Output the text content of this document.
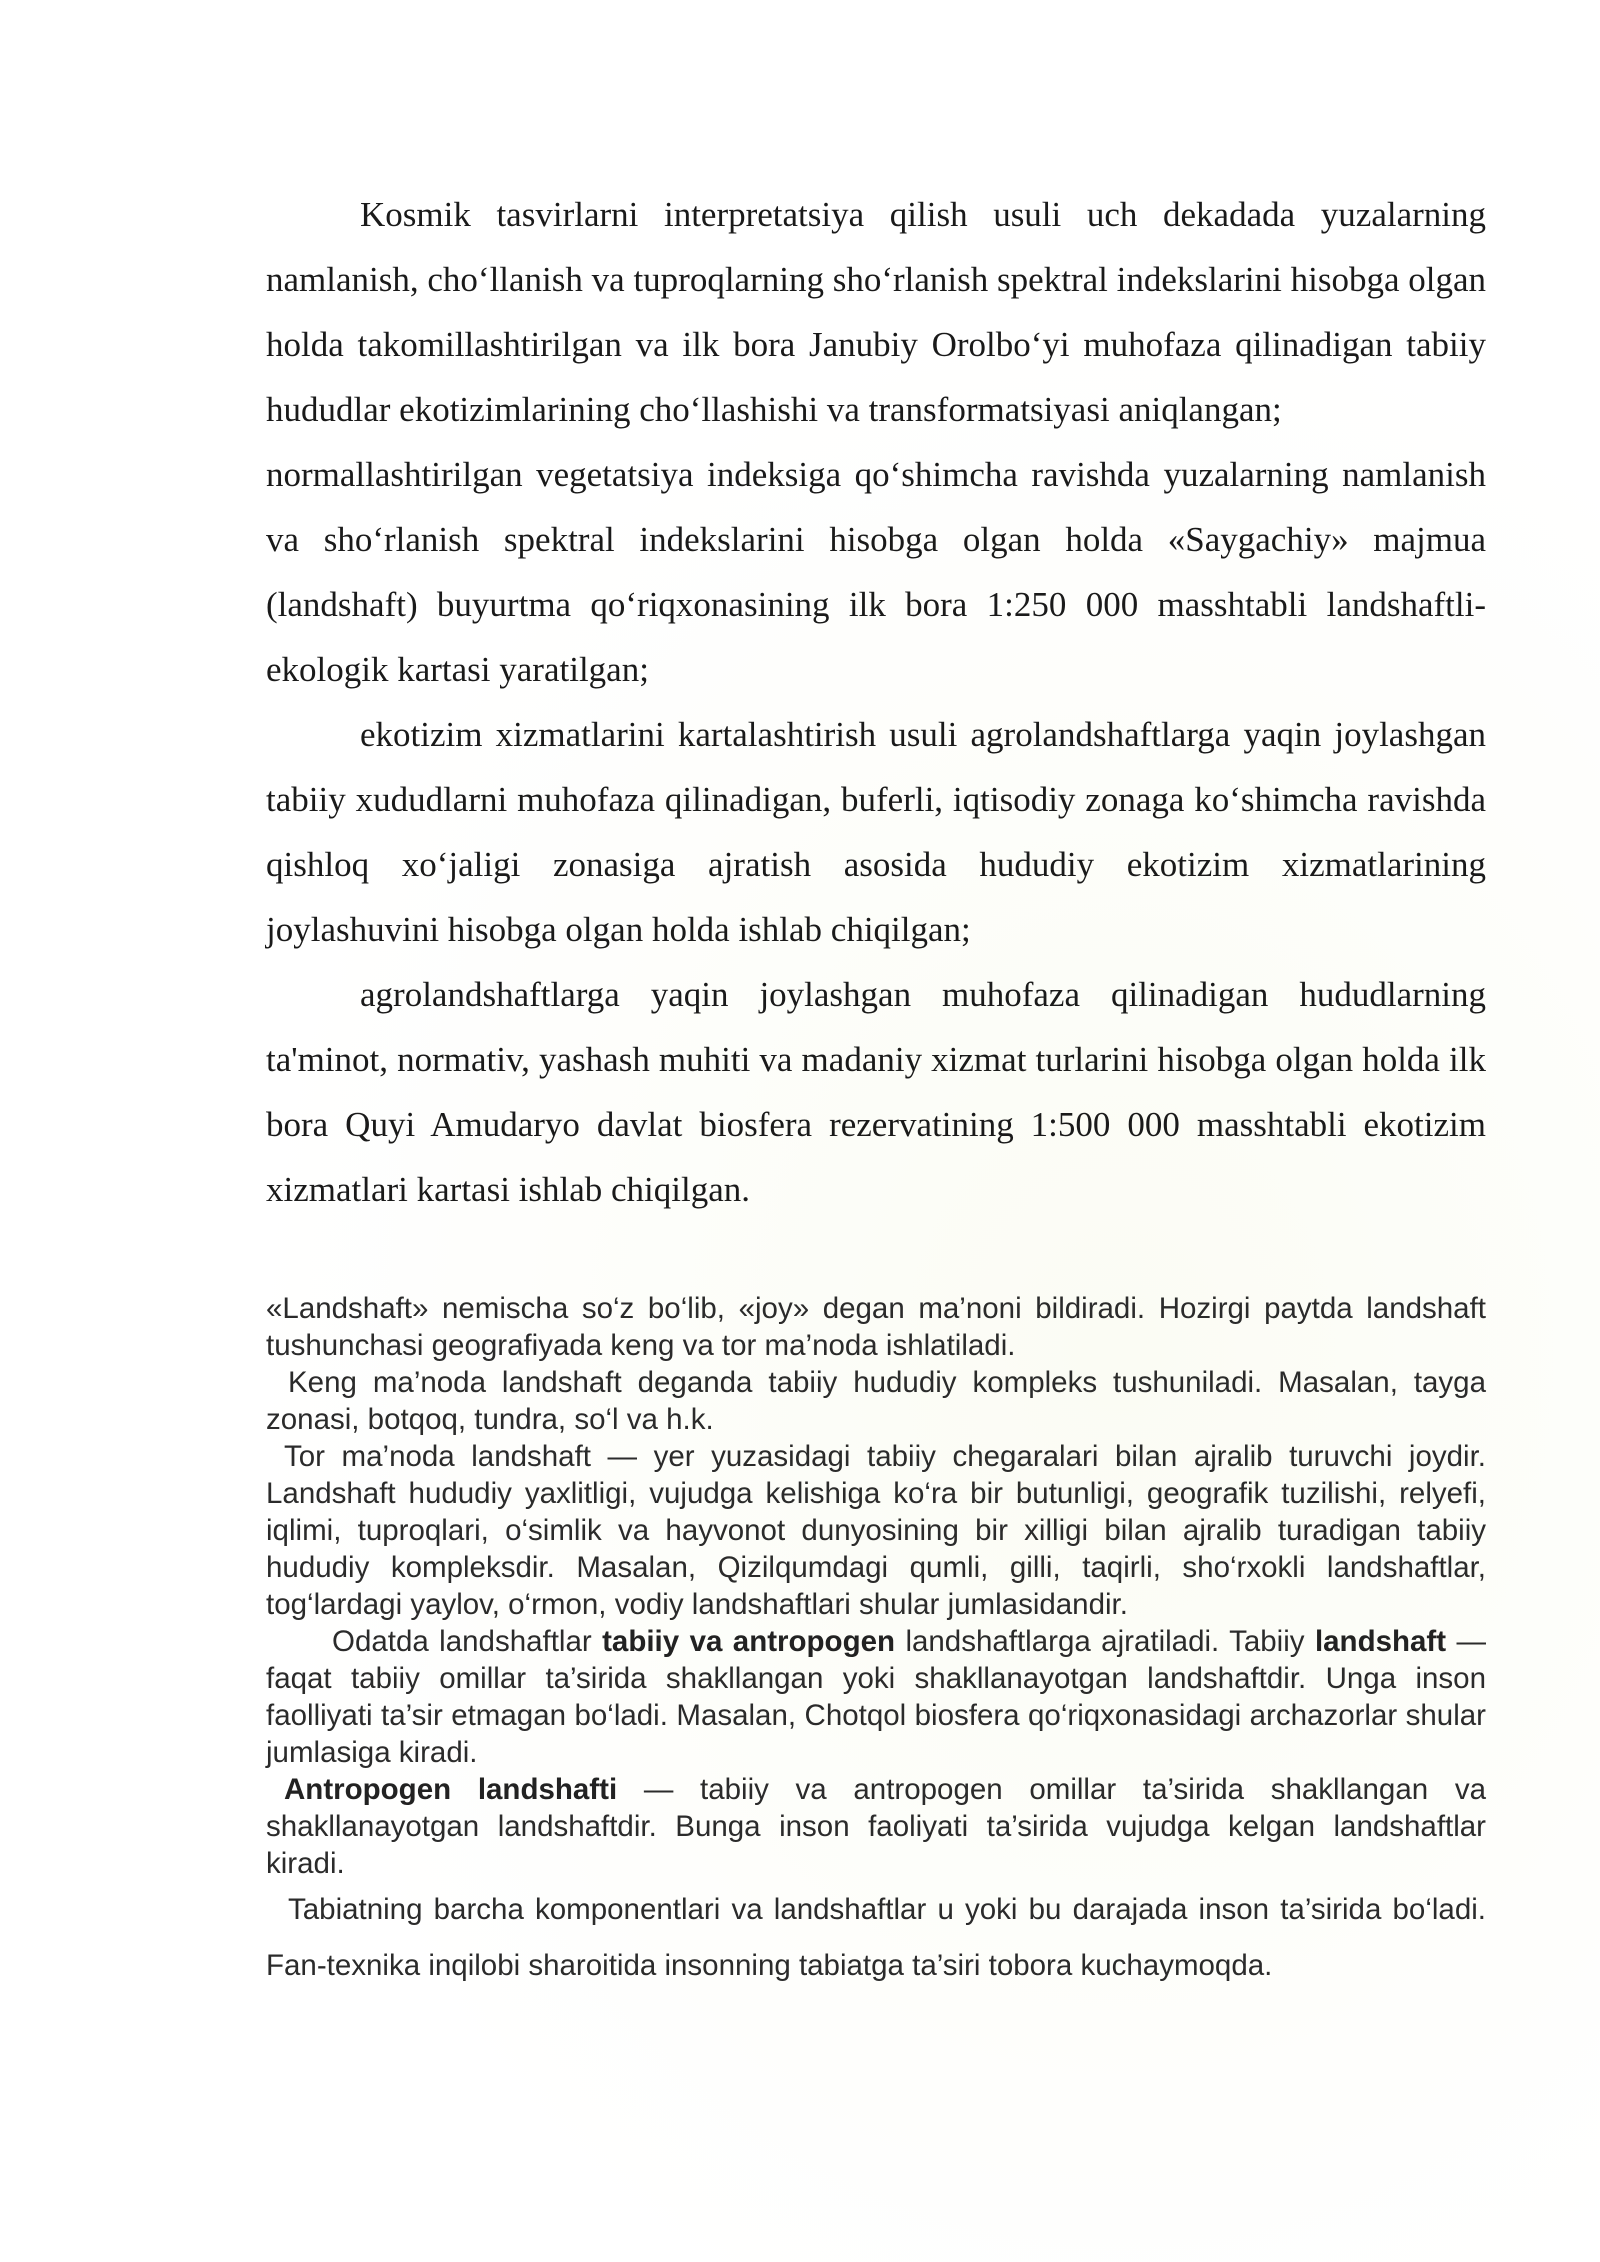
Kosmik tasvirlarni interpretatsiya qilish usuli uch dekadada yuzalarning namlanish, cho‘llanish va tuproqlarning sho‘rlanish spektral indekslarini hisobga olgan holda takomillashtirilgan va ilk bora Janubiy Orolbo‘yi muhofaza qilinadigan tabiiy hududlar ekotizimlarining cho‘llashishi va transformatsiyasi aniqlangan;

normallashtirilgan vegetatsiya indeksiga qo‘shimcha ravishda yuzalarning namlanish va sho‘rlanish spektral indekslarini hisobga olgan holda «Saygachiy» majmua (landshaft) buyurtma qo‘riqxonasining ilk bora 1:250 000 masshtabli landshaftli-ekologik kartasi yaratilgan;

ekotizim xizmatlarini kartalashtirish usuli agrolandshaftlarga yaqin joylashgan tabiiy xududlarni muhofaza qilinadigan, buferli, iqtisodiy zonaga ko‘shimcha ravishda qishloq xo‘jaligi zonasiga ajratish asosida hududiy ekotizim xizmatlarining joylashuvini hisobga olgan holda ishlab chiqilgan;

agrolandshaftlarga yaqin joylashgan muhofaza qilinadigan hududlarning ta'minot, normativ, yashash muhiti va madaniy xizmat turlarini hisobga olgan holda ilk bora Quyi Amudaryo davlat biosfera rezervatining 1:500 000 masshtabli ekotizim xizmatlari kartasi ishlab chiqilgan.

«Landshaft» nemischa so‘z bo‘lib, «joy» degan ma’noni bildiradi. Hozirgi paytda landshaft tushunchasi geografiyada keng va tor ma’noda ishlatiladi.

Keng ma’noda landshaft deganda tabiiy hududiy kompleks tushuniladi. Masalan, tayga zonasi, botqoq, tundra, so‘l va h.k.

Tor ma’noda landshaft — yer yuzasidagi tabiiy chegaralari bilan ajralib turuvchi joydir. Landshaft hududiy yaxlitligi, vujudga kelishiga ko‘ra bir butunligi, geografik tuzilishi, relyefi, iqlimi, tuproqlari, o‘simlik va hayvonot dunyosining bir xilligi bilan ajralib turadigan tabiiy hududiy kompleksdir. Masalan, Qizilqumdagi qumli, gilli, taqirli, sho‘rxokli landshaftlar, tog‘lardagi yaylov, o‘rmon, vodiy landshaftlari shular jumlasidandir.

Odatda landshaftlar tabiiy va antropogen landshaftlarga ajratiladi. Tabiiy landshaft — faqat tabiiy omillar ta’sirida shakllangan yoki shakllanayotgan landshaftdir. Unga inson faolliyati ta’sir etmagan bo‘ladi. Masalan, Chotqol biosfera qo‘riqxonasidagi archazorlar shular jumlasiga kiradi.

Antropogen landshafti — tabiiy va antropogen omillar ta’sirida shakllangan va shakllanayotgan landshaftdir. Bunga inson faoliyati ta’sirida vujudga kelgan landshaftlar kiradi.

Tabiatning barcha komponentlari va landshaftlar u yoki bu darajada inson ta’sirida bo‘ladi. Fan-texnika inqilobi sharoitida insonning tabiatga ta’siri tobora kuchaymoqda.
